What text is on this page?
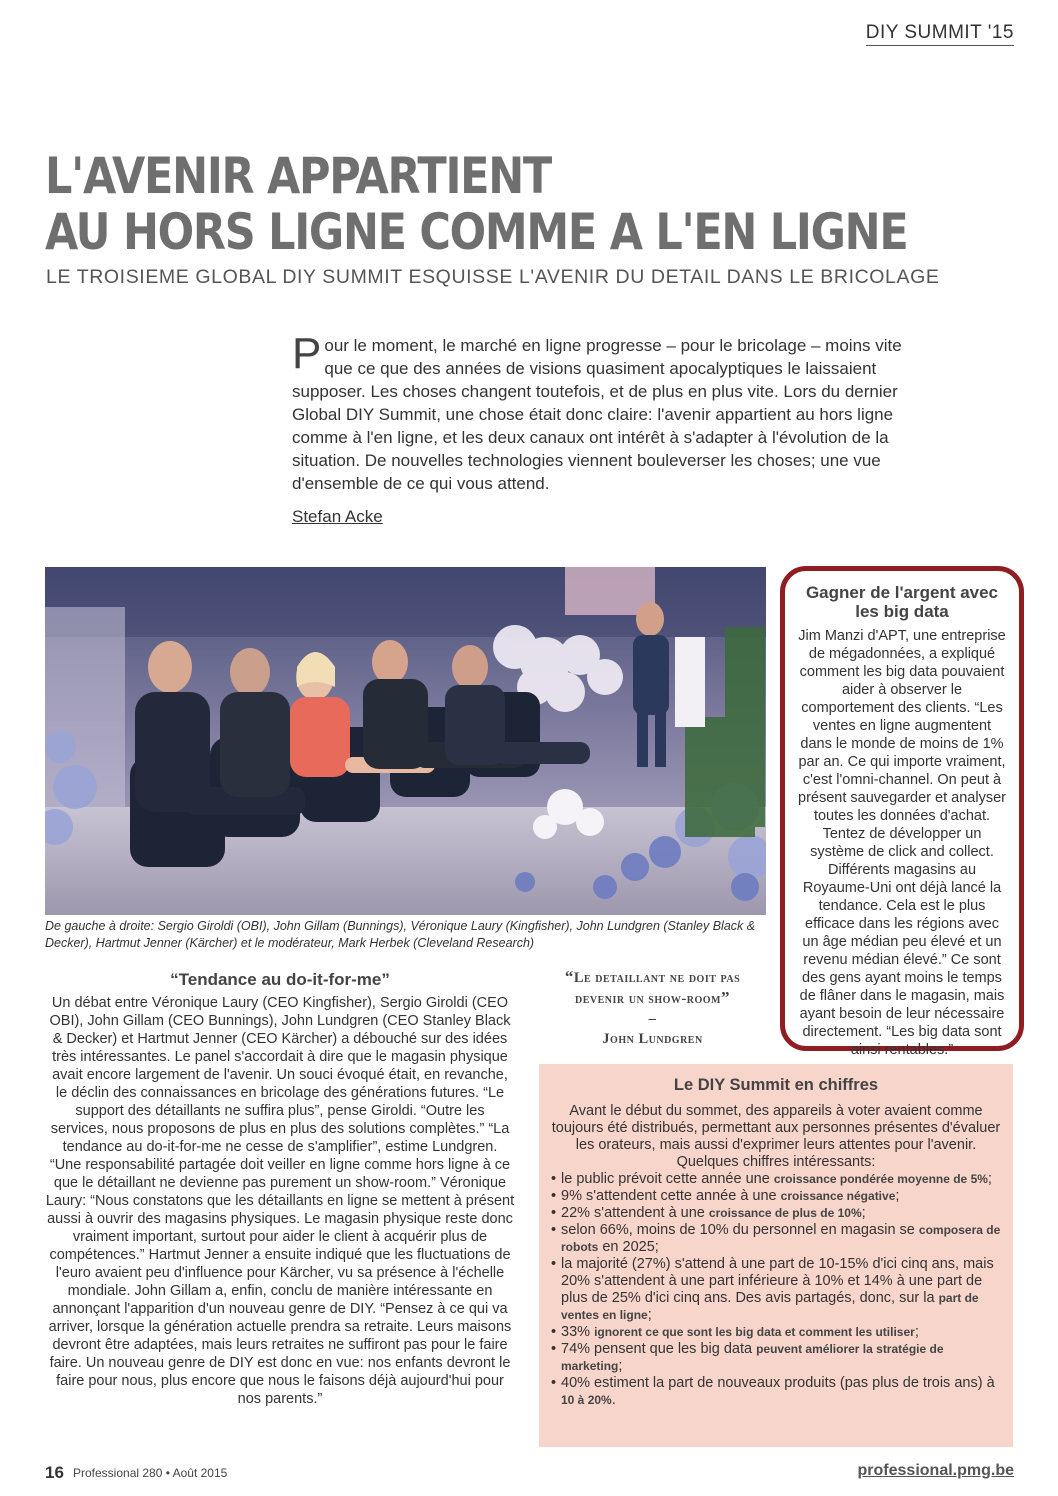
DIY SUMMIT '15
L'AVENIR APPARTIENT
AU HORS LIGNE COMME A L'EN LIGNE
LE TROISIEME GLOBAL DIY SUMMIT ESQUISSE L'AVENIR DU DETAIL DANS LE BRICOLAGE
P our le moment, le marché en ligne progresse – pour le bricolage – moins vite que ce que des années de visions quasiment apocalyptiques le laissaient supposer. Les choses changent toutefois, et de plus en plus vite. Lors du dernier Global DIY Summit, une chose était donc claire: l'avenir appartient au hors ligne comme à l'en ligne, et les deux canaux ont intérêt à s'adapter à l'évolution de la situation. De nouvelles technologies viennent bouleverser les choses; une vue d'ensemble de ce qui vous attend.
Stefan Acke
De gauche à droite: Sergio Giroldi (OBI), John Gillam (Bunnings), Véronique Laury (Kingfisher), John Lundgren (Stanley Black & Decker), Hartmut Jenner (Kärcher) et le modérateur, Mark Herbek (Cleveland Research)
Gagner de l'argent avec les big data

Jim Manzi d'APT, une entreprise de mégadonnées, a expliqué comment les big data pouvaient aider à observer le comportement des clients. “Les ventes en ligne augmentent dans le monde de moins de 1% par an. Ce qui importe vraiment, c'est l'omni-channel. On peut à présent sauvegarder et analyser toutes les données d'achat. Tentez de développer un système de click and collect. Différents magasins au Royaume-Uni ont déjà lancé la tendance. Cela est le plus efficace dans les régions avec un âge médian peu élevé et un revenu médian élevé.” Ce sont des gens ayant moins le temps de flâner dans le magasin, mais ayant besoin de leur nécessaire directement. “Les big data sont ainsi rentables.”

“Tendance au do-it-for-me”

Un débat entre Véronique Laury (CEO Kingfisher), Sergio Giroldi (CEO OBI), John Gillam (CEO Bunnings), John Lundgren (CEO Stanley Black & Decker) et Hartmut Jenner (CEO Kärcher) a débouché sur des idées très intéressantes. Le panel s'accordait à dire que le magasin physique avait encore largement de l'avenir. Un souci évoqué était, en revanche, le déclin des connaissances en bricolage des générations futures. “Le support des détaillants ne suffira plus”, pense Giroldi. “Outre les services, nous proposons de plus en plus des solutions complètes.” “La tendance au do-it-for-me ne cesse de s'amplifier”, estime Lundgren. “Une responsabilité partagée doit veiller en ligne comme hors ligne à ce que le détaillant ne devienne pas purement un show-room.” Véronique Laury: “Nous constatons que les détaillants en ligne se mettent à présent aussi à ouvrir des magasins physiques. Le magasin physique reste donc vraiment important, surtout pour aider le client à acquérir plus de compétences.” Hartmut Jenner a ensuite indiqué que les fluctuations de l'euro avaient peu d'influence pour Kärcher, vu sa présence à l'échelle mondiale. John Gillam a, enfin, conclu de manière intéressante en annonçant l'apparition d'un nouveau genre de DIY. “Pensez à ce qui va arriver, lorsque la génération actuelle prendra sa retraite. Leurs maisons devront être adaptées, mais leurs retraites ne suffiront pas pour le faire faire. Un nouveau genre de DIY est donc en vue: nos enfants devront le faire pour nous, plus encore que nous le faisons déjà aujourd'hui pour nos parents.”

“Le detaillant ne doit pas devenir un show-room”
–
John Lundgren
Le DIY Summit en chiffres

Avant le début du sommet, des appareils à voter avaient comme toujours été distribués, permettant aux personnes présentes d'évaluer les orateurs, mais aussi d'exprimer leurs attentes pour l'avenir.

Quelques chiffres intéressants:

• le public prévoit cette année une croissance pondérée moyenne de 5%;
• 9% s'attendent cette année à une croissance négative;
• 22% s'attendent à une croissance de plus de 10%;
• selon 66%, moins de 10% du personnel en magasin se composera de robots en 2025;
• la majorité (27%) s'attend à une part de 10-15% d'ici cinq ans, mais 20% s'attendent à une part inférieure à 10% et 14% à une part de plus de 25% d'ici cinq ans. Des avis partagés, donc, sur la part de ventes en ligne;
• 33% ignorent ce que sont les big data et comment les utiliser;
• 74% pensent que les big data peuvent améliorer la stratégie de marketing;
• 40% estiment la part de nouveaux produits (pas plus de trois ans) à 10 à 20%.
16 Professional 280 • Août 2015	professional.pmg.be
